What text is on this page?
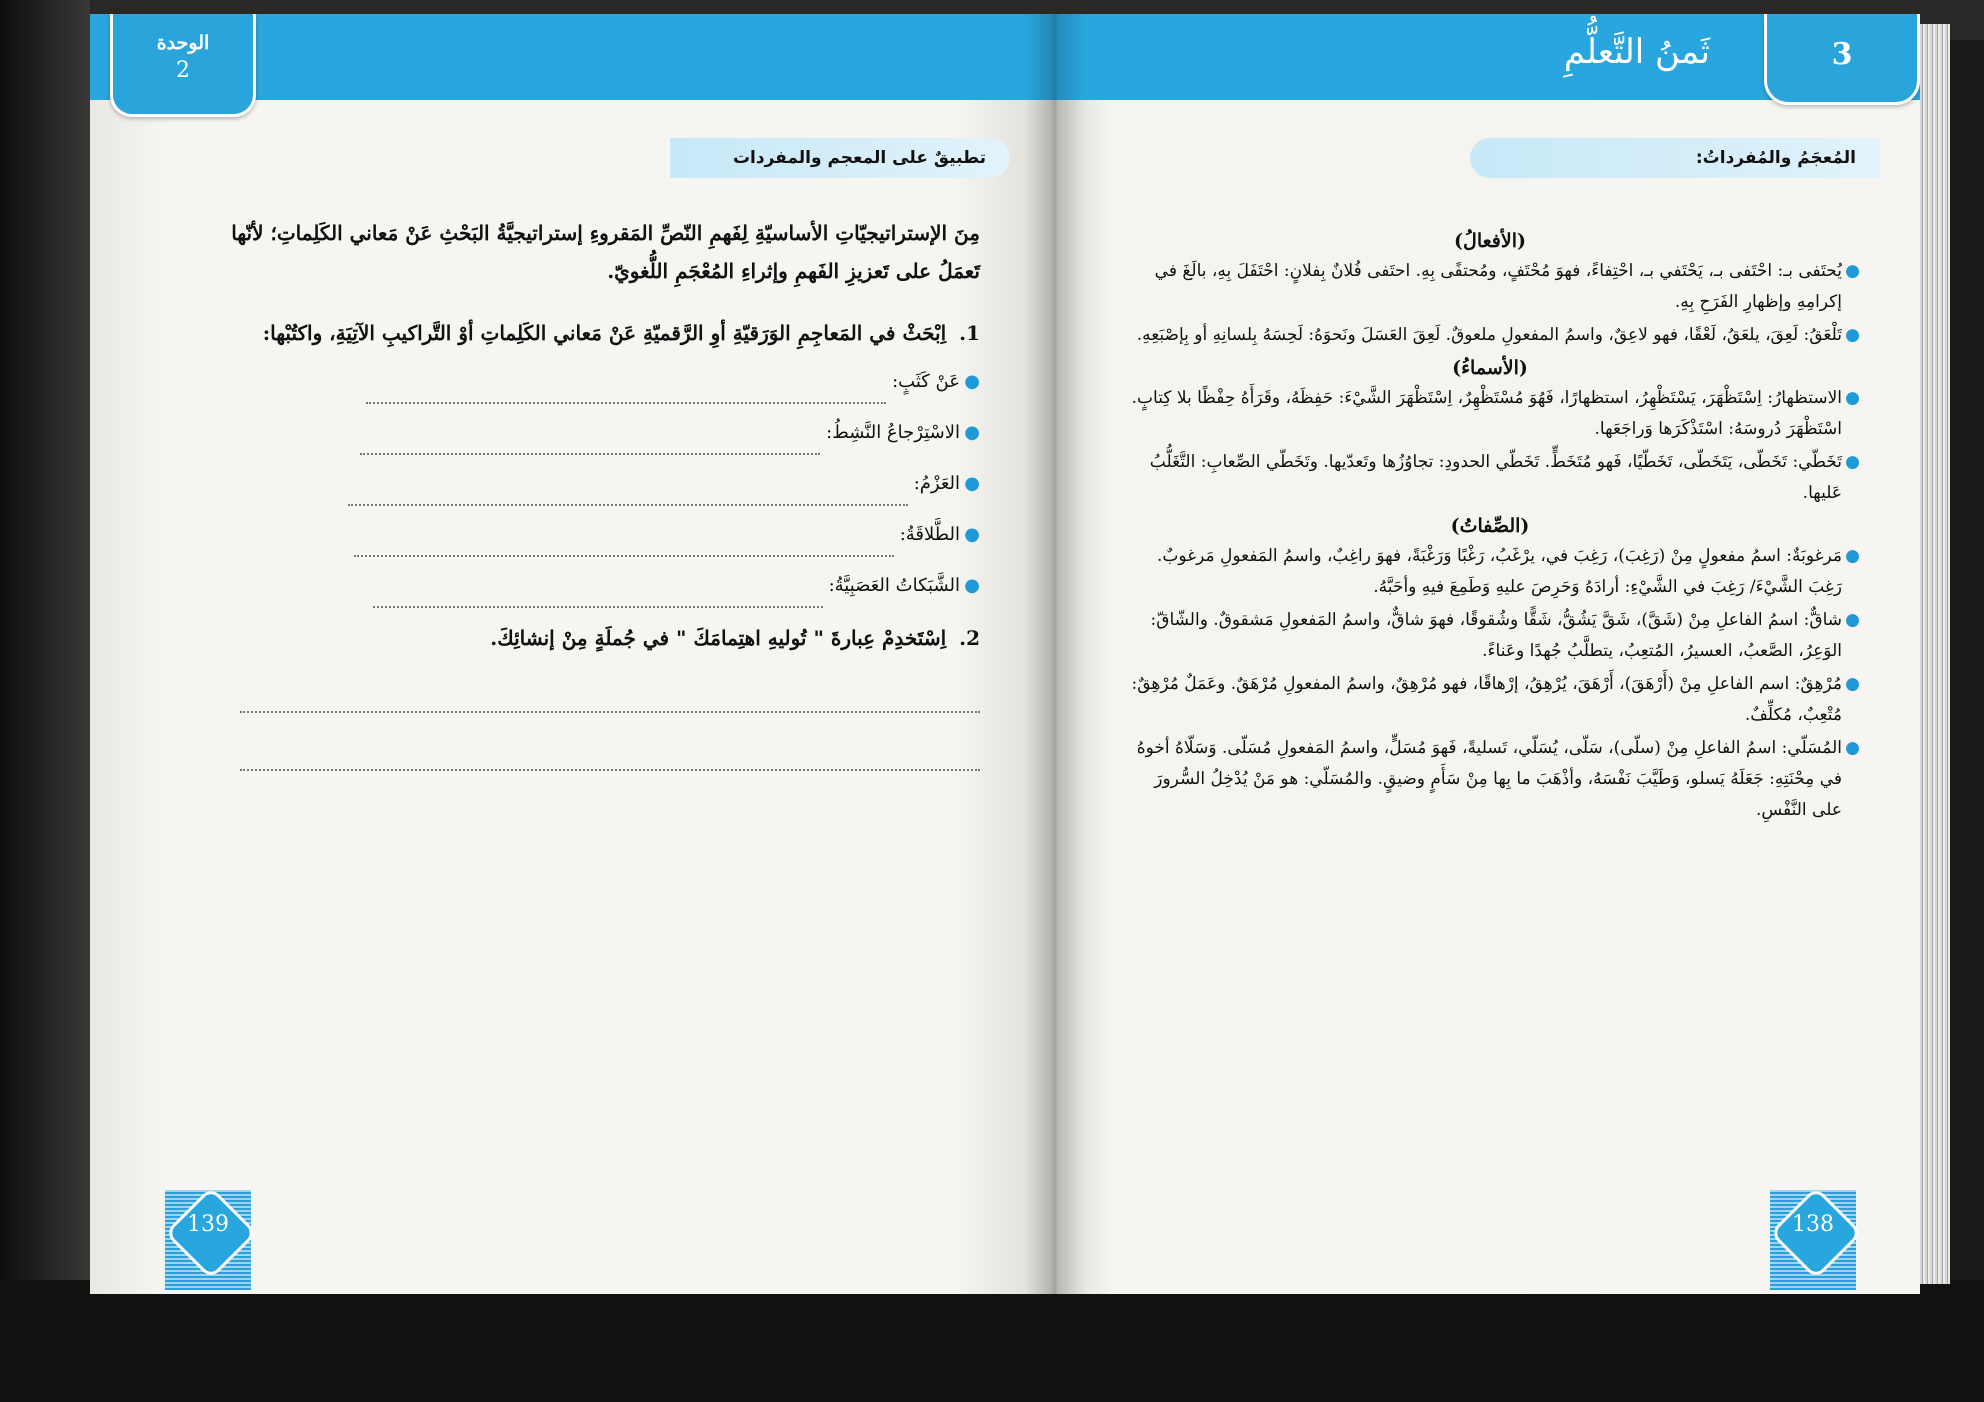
الوحدة
2
تطبيقٌ على المعجم والمفردات

مِنَ الإستراتيجيّاتِ الأساسيّةِ لِفَهمِ النّصِّ المَقروءِ إستراتيجيَّةُ البَحْثِ عَنْ مَعاني الكَلِماتِ؛ لأنّها تَعمَلُ على تَعزيزِ الفَهمِ وإثراءِ المُعْجَمِ اللُّغويّ.

1. اِبْحَثْ في المَعاجِمِ الوَرَقيّةِ أوِ الرَّقميّةِ عَنْ مَعاني الكَلِماتِ أوْ التَّراكيبِ الآتِيَةِ، واكتُبْها:

●
عَنْ كَثَبٍ:
●
الاسْتِرْجاعُ النَّشِطُ:
●
العَزْمُ:
●
الطَّلاقَةُ:
●
الشَّبَكاتُ العَصَبِيَّةُ:

2. اِسْتَخدِمْ عِبارةَ " تُوليهِ اهتِمامَكَ " في جُملَةٍ مِنْ إنشائِكَ.

139
ثَمنُ التَّعلُّمِ	3
المُعجَمُ والمُفرداتُ:
(الأفعالُ)
●
يُحتَفى بـ: احْتَفى بـ، يَحْتَفي بـ، احْتِفاءً، فهوَ مُحْتَفٍ، ومُحتفًى بِهِ. احتَفى فُلانٌ بِفلانٍ: احْتَفَلَ بِهِ، بالَغَ في إكرامِهِ وإظهارِ الفَرَحِ بِهِ.
●
تَلْعَقُ: لَعِقَ، يلعَقُ، لَعْقًا، فهو لاعِقٌ، واسمُ المفعولِ ملعوقٌ. لَعِقَ العَسَلَ ونَحوَهُ: لَحِسَهُ بِلسانِهِ أو بِإصْبَعِهِ.
(الأسماءُ)
●
الاستظهارُ: اِسْتَظْهَرَ، يَسْتَظْهِرُ، استظهارًا، فَهُوَ مُسْتَظْهِرٌ، اِسْتَظْهَرَ الشَّيْءَ: حَفِظَهُ، وقَرَأَهُ حِفْظًا بلا كِتابٍ. اسْتَظْهَرَ دُروسَهُ: اسْتَذْكَرَها وَراجَعَها.
●
تَخَطّي: تَخَطّى، يَتَخَطّى، تَخَطّيًا، فَهو مُتَخَطٍّ. تَخَطّي الحدودِ: تجاوُزُها وتَعدّيها. وتَخَطّي الصِّعابِ: التَّغَلُّبُ عَليها.
(الصِّفاتُ)
●
مَرغوبَةٌ: اسمُ مفعولٍ مِنْ (رَغِبَ)، رَغِبَ في، يرْغَبُ، رَغْبًا وَرَغْبَةً، فهوَ راغِبٌ، واسمُ المَفعولِ مَرغوبٌ. رَغِبَ الشَّيْءَ/ رَغِبَ في الشَّيْءِ: أرادَهُ وَحَرِصَ عليهِ وَطَمِعَ فيهِ وأحَبَّهُ.
●
شاقٌّ: اسمُ الفاعلِ مِنْ (شَقَّ)، شَقَّ يَشُقُّ، شَقًّا وشُقوقًا، فهوَ شاقٌّ، واسمُ المَفعولِ مَشقوقٌ. والشّاقّ: الوَعِرُ، الصَّعبُ، العسيرُ، المُتعِبُ، يتطلَّبُ جُهدًا وعَناءً.
●
مُرْهِقٌ: اسم الفاعلِ مِنْ (أَرْهَقَ)، أَرْهَقَ، يُرْهِقُ، إرْهاقًا، فهو مُرْهِقٌ، واسمُ المفعولِ مُرْهَقٌ. وعَمَلٌ مُرْهِقٌ: مُتْعِبٌ، مُكلِّفٌ.
●
المُسَلّي: اسمُ الفاعلِ مِنْ (سلّى)، سَلّى، يُسَلّي، تَسليةً، فَهوَ مُسَلٍّ، واسمُ المَفعولِ مُسَلّى. وَسَلّاهُ أخوهُ في مِحْنَتِهِ: جَعَلَهُ يَسلو، وَطَيَّبَ نَفْسَهُ، وأذْهَبَ ما بِها مِنْ سَأَمٍ وضيقٍ. والمُسَلّي: هو مَنْ يُدْخِلُ السُّرورَ على النَّفْسِ.
138
